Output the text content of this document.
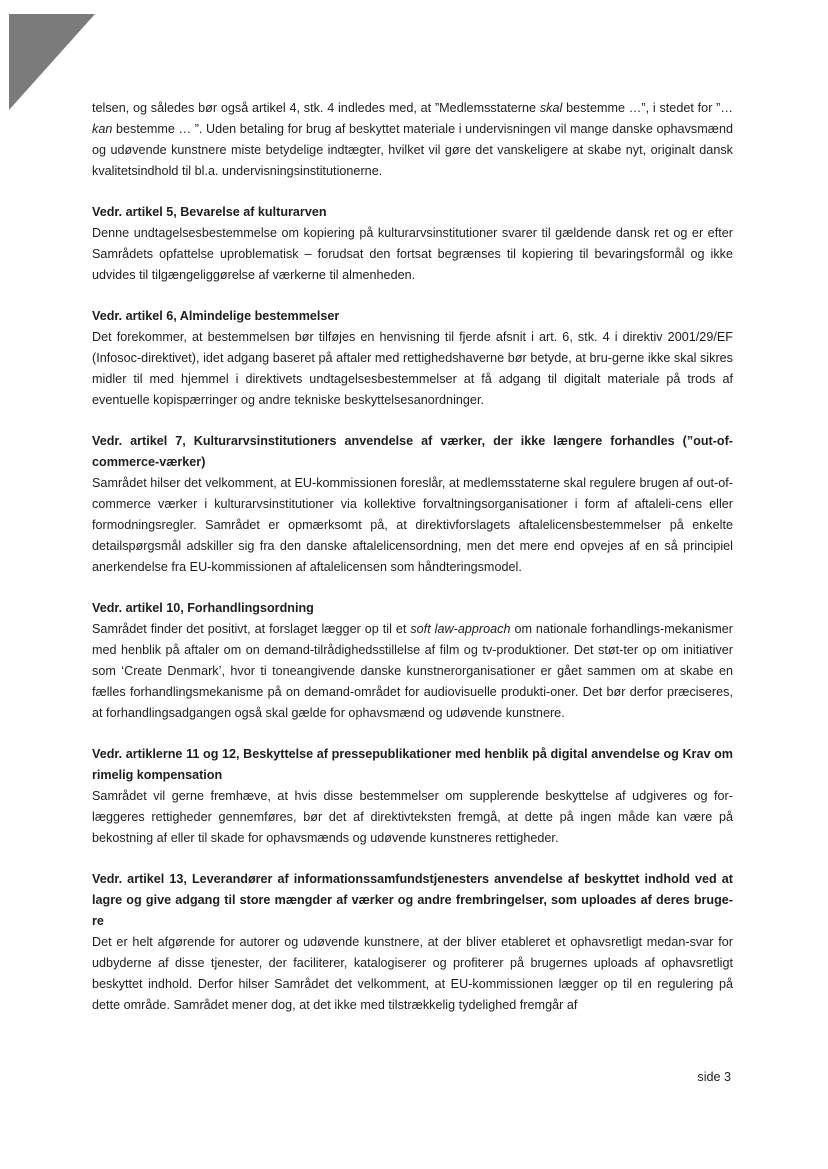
telsen, og således bør også artikel 4, stk. 4 indledes med, at ”Medlemsstaterne skal bestemme …”, i stedet for ”… kan bestemme … ”. Uden betaling for brug af beskyttet materiale i undervisningen vil mange danske ophavsmænd og udøvende kunstnere miste betydelige indtægter, hvilket vil gøre det vanskeligere at skabe nyt, originalt dansk kvalitetsindhold til bl.a. undervisningsinstitutionerne.

Vedr. artikel 5, Bevarelse af kulturarven

Denne undtagelsesbestemmelse om kopiering på kulturarvsinstitutioner svarer til gældende dansk ret og er efter Samrådets opfattelse uproblematisk – forudsat den fortsat begrænses til kopiering til bevaringsformål og ikke udvides til tilgængeliggørelse af værkerne til almenheden.

Vedr. artikel 6, Almindelige bestemmelser

Det forekommer, at bestemmelsen bør tilføjes en henvisning til fjerde afsnit i art. 6, stk. 4 i direktiv 2001/29/EF (Infosoc-direktivet), idet adgang baseret på aftaler med rettighedshaverne bør betyde, at bru-gerne ikke skal sikres midler til med hjemmel i direktivets undtagelsesbestemmelser at få adgang til digitalt materiale på trods af eventuelle kopispærringer og andre tekniske beskyttelsesanordninger.

Vedr. artikel 7, Kulturarvsinstitutioners anvendelse af værker, der ikke længere forhandles (”out-of-commerce-værker)

Samrådet hilser det velkomment, at EU-kommissionen foreslår, at medlemsstaterne skal regulere brugen af out-of-commerce værker i kulturarvsinstitutioner via kollektive forvaltningsorganisationer i form af aftaleli-cens eller formodningsregler. Samrådet er opmærksomt på, at direktivforslagets aftalelicensbestemmelser på enkelte detailspørgsmål adskiller sig fra den danske aftalelicensordning, men det mere end opvejes af en så principiel anerkendelse fra EU-kommissionen af aftalelicensen som håndteringsmodel.

Vedr. artikel 10, Forhandlingsordning

Samrådet finder det positivt, at forslaget lægger op til et soft law-approach om nationale forhandlings-mekanismer med henblik på aftaler om on demand-tilrådighedsstillelse af film og tv-produktioner. Det støt-ter op om initiativer som ‘Create Denmark’, hvor ti toneangivende danske kunstnerorganisationer er gået sammen om at skabe en fælles forhandlingsmekanisme på on demand-området for audiovisuelle produkti-oner. Det bør derfor præciseres, at forhandlingsadgangen også skal gælde for ophavsmænd og udøvende kunstnere.

Vedr. artiklerne 11 og 12, Beskyttelse af pressepublikationer med henblik på digital anvendelse og Krav om rimelig kompensation

Samrådet vil gerne fremhæve, at hvis disse bestemmelser om supplerende beskyttelse af udgiveres og for-læggeres rettigheder gennemføres, bør det af direktivteksten fremgå, at dette på ingen måde kan være på bekostning af eller til skade for ophavsmænds og udøvende kunstneres rettigheder.

Vedr. artikel 13, Leverandører af informationssamfundstjenesters anvendelse af beskyttet indhold ved at lagre og give adgang til store mængder af værker og andre frembringelser, som uploades af deres bruge-re

Det er helt afgørende for autorer og udøvende kunstnere, at der bliver etableret et ophavsretligt medan-svar for udbyderne af disse tjenester, der faciliterer, katalogiserer og profiterer på brugernes uploads af ophavsretligt beskyttet indhold. Derfor hilser Samrådet det velkomment, at EU-kommissionen lægger op til en regulering på dette område. Samrådet mener dog, at det ikke med tilstrækkelig tydelighed fremgår af

side 3
